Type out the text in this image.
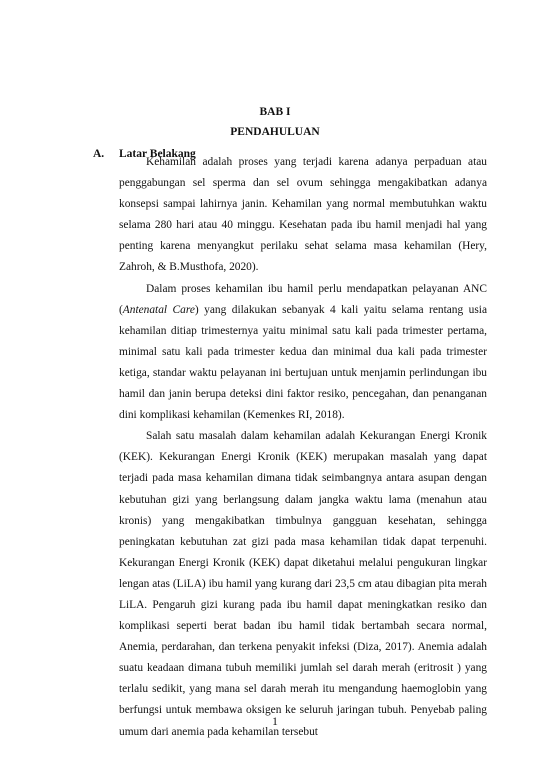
BAB I
PENDAHULUAN
A. Latar Belakang

Kehamilan adalah proses yang terjadi karena adanya perpaduan atau penggabungan sel sperma dan sel ovum sehingga mengakibatkan adanya konsepsi sampai lahirnya janin. Kehamilan yang normal membutuhkan waktu selama 280 hari atau 40 minggu. Kesehatan pada ibu hamil menjadi hal yang penting karena menyangkut perilaku sehat selama masa kehamilan (Hery, Zahroh, & B.Musthofa, 2020).

Dalam proses kehamilan ibu hamil perlu mendapatkan pelayanan ANC (Antenatal Care) yang dilakukan sebanyak 4 kali yaitu selama rentang usia kehamilan ditiap trimesternya yaitu minimal satu kali pada trimester pertama, minimal satu kali pada trimester kedua dan minimal dua kali pada trimester ketiga, standar waktu pelayanan ini bertujuan untuk menjamin perlindungan ibu hamil dan janin berupa deteksi dini faktor resiko, pencegahan, dan penanganan dini komplikasi kehamilan (Kemenkes RI, 2018).

Salah satu masalah dalam kehamilan adalah Kekurangan Energi Kronik (KEK). Kekurangan Energi Kronik (KEK) merupakan masalah yang dapat terjadi pada masa kehamilan dimana tidak seimbangnya antara asupan dengan kebutuhan gizi yang berlangsung dalam jangka waktu lama (menahun atau kronis) yang mengakibatkan timbulnya gangguan kesehatan, sehingga peningkatan kebutuhan zat gizi pada masa kehamilan tidak dapat terpenuhi. Kekurangan Energi Kronik (KEK) dapat diketahui melalui pengukuran lingkar lengan atas (LiLA) ibu hamil yang kurang dari 23,5 cm atau dibagian pita merah LiLA. Pengaruh gizi kurang pada ibu hamil dapat meningkatkan resiko dan komplikasi seperti berat badan ibu hamil tidak bertambah secara normal, Anemia, perdarahan, dan terkena penyakit infeksi (Diza, 2017). Anemia adalah suatu keadaan dimana tubuh memiliki jumlah sel darah merah (eritrosit ) yang terlalu sedikit, yang mana sel darah merah itu mengandung haemoglobin yang berfungsi untuk membawa oksigen ke seluruh jaringan tubuh. Penyebab paling umum dari anemia pada kehamilan tersebut

1
